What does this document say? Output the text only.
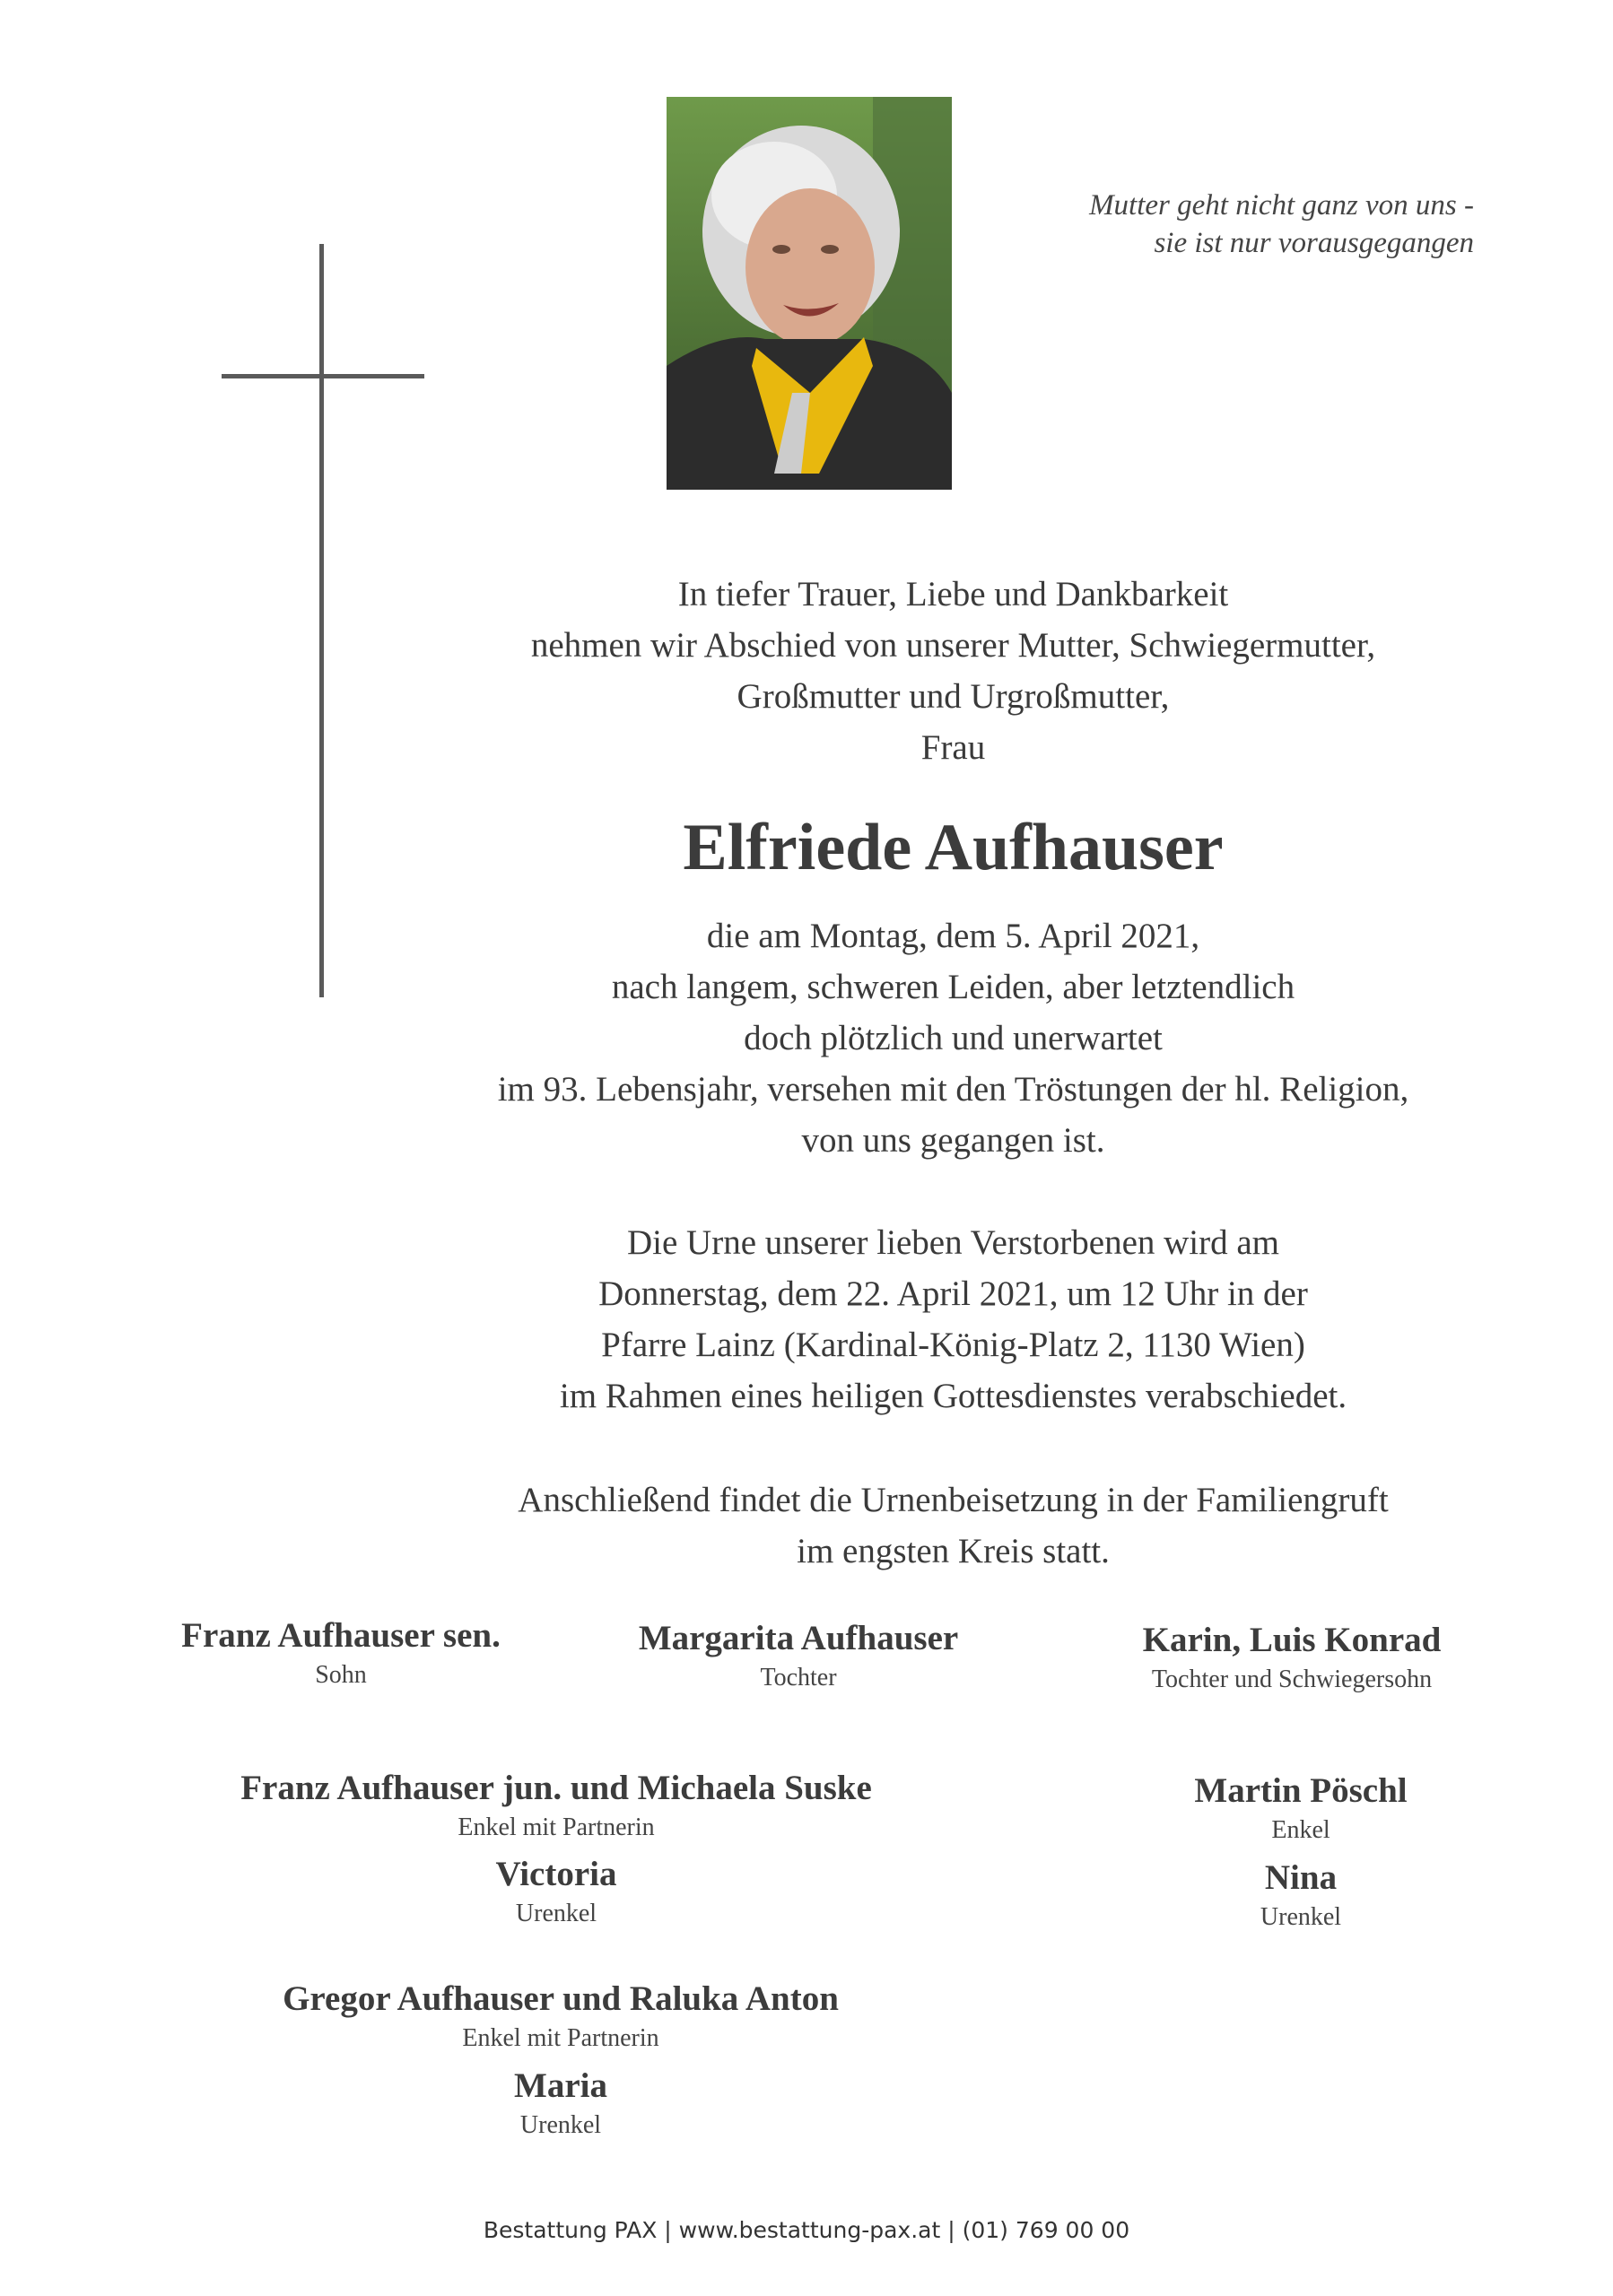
Mutter geht nicht ganz von uns -
sie ist nur vorausgegangen
In tiefer Trauer, Liebe und Dankbarkeit
nehmen wir Abschied von unserer Mutter, Schwiegermutter,
Großmutter und Urgroßmutter,
Frau
Elfriede Aufhauser
die am Montag, dem 5. April 2021,
nach langem, schweren Leiden, aber letztendlich
doch plötzlich und unerwartet
im 93. Lebensjahr, versehen mit den Tröstungen der hl. Religion,
von uns gegangen ist.
Die Urne unserer lieben Verstorbenen wird am
Donnerstag, dem 22. April 2021, um 12 Uhr in der
Pfarre Lainz (Kardinal-König-Platz 2, 1130 Wien)
im Rahmen eines heiligen Gottesdienstes verabschiedet.
Anschließend findet die Urnenbeisetzung in der Familiengruft
im engsten Kreis statt.
Franz Aufhauser sen.
Sohn
Margarita Aufhauser
Tochter
Karin, Luis Konrad
Tochter und Schwiegersohn
Franz Aufhauser jun. und Michaela Suske
Enkel mit Partnerin
Victoria
Urenkel
Martin Pöschl
Enkel
Nina
Urenkel
Gregor Aufhauser und Raluka Anton
Enkel mit Partnerin
Maria
Urenkel
Bestattung PAX | www.bestattung-pax.at | (01) 769 00 00
